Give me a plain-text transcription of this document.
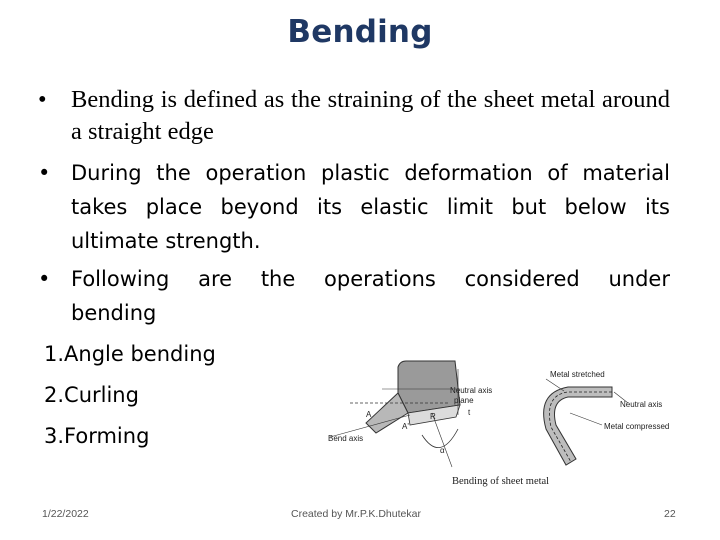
Bending
• Bending is defined as the straining of the sheet metal around a straight edge
• During the operation plastic deformation of material takes place beyond its elastic limit but below its ultimate strength.
• Following are the operations considered under
bending
1.Angle bending
2.Curling
3.Forming
Neutral axis
plane
Bend axis
α
R	t
A
A'
Metal stretched
Neutral axis
Metal compressed
Bending of sheet metal
1/22/2022	Created by Mr.P.K.Dhutekar	22
